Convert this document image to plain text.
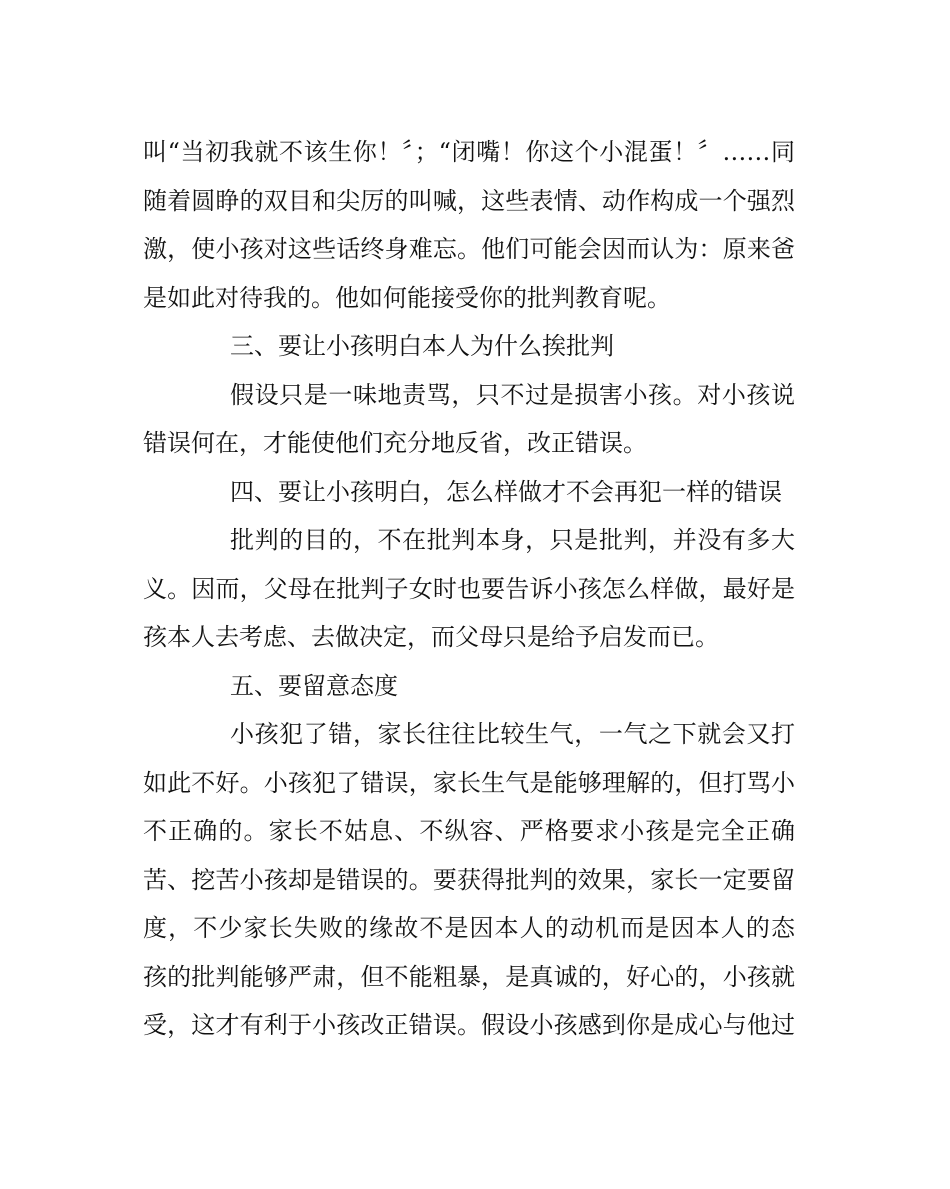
叫“当初我就不该生你！〞；“闭嘴！你这个小混蛋！〞……同
随着圆睁的双目和尖厉的叫喊，这些表情、动作构成一个强烈
激，使小孩对这些话终身难忘。他们可能会因而认为：原来爸
是如此对待我的。他如何能接受你的批判教育呢。
三、要让小孩明白本人为什么挨批判
假设只是一味地责骂，只不过是损害小孩。对小孩说
错误何在，才能使他们充分地反省，改正错误。
四、要让小孩明白，怎么样做才不会再犯一样的错误
批判的目的，不在批判本身，只是批判，并没有多大
义。因而，父母在批判子女时也要告诉小孩怎么样做，最好是
孩本人去考虑、去做决定，而父母只是给予启发而已。
五、要留意态度
小孩犯了错，家长往往比较生气，一气之下就会又打
如此不好。小孩犯了错误，家长生气是能够理解的，但打骂小
不正确的。家长不姑息、不纵容、严格要求小孩是完全正确
苦、挖苦小孩却是错误的。要获得批判的效果，家长一定要留
度，不少家长失败的缘故不是因本人的动机而是因本人的态
孩的批判能够严肃，但不能粗暴，是真诚的，好心的，小孩就
受，这才有利于小孩改正错误。假设小孩感到你是成心与他过
